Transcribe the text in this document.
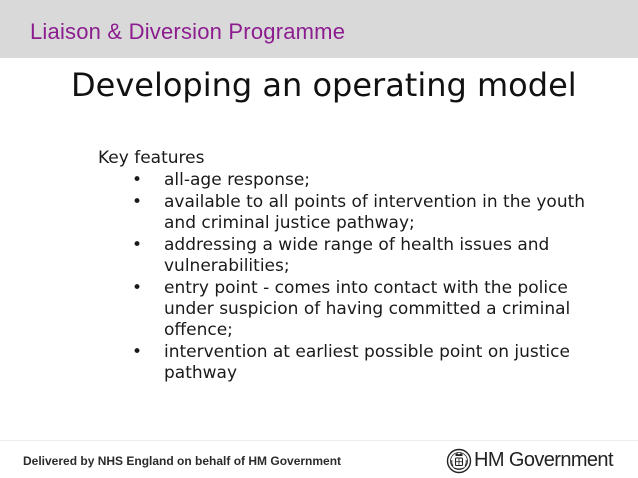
Liaison & Diversion Programme
Developing an operating model
Key features
• all-age response;
• available to all points of intervention in the youth and criminal justice pathway;
• addressing a wide range of health issues and vulnerabilities;
• entry point - comes into contact with the police under suspicion of having committed a criminal offence;
• intervention at earliest possible point on justice pathway
Delivered by NHS England on behalf of HM Government	HM Government
